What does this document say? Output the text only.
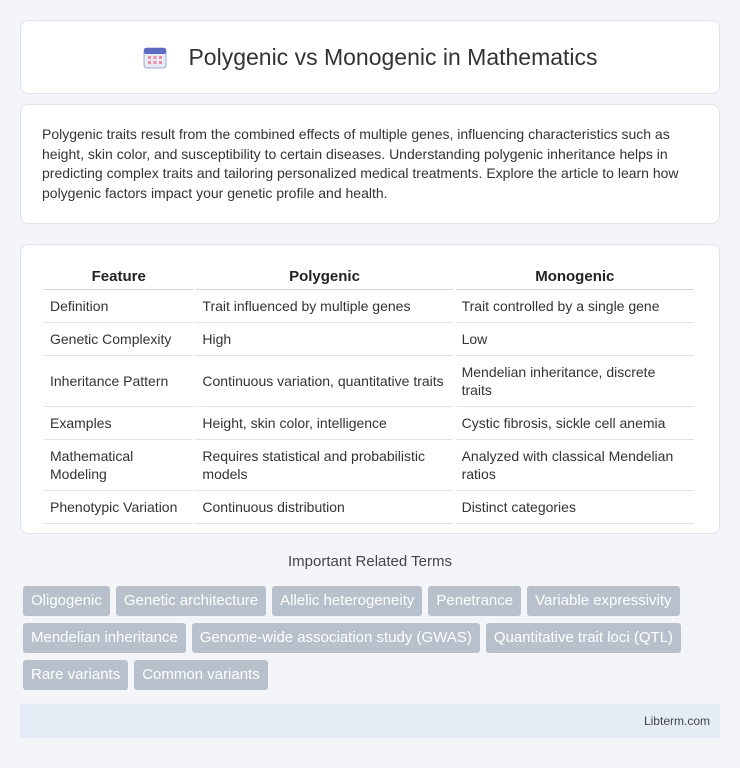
Polygenic vs Monogenic in Mathematics

Polygenic traits result from the combined effects of multiple genes, influencing characteristics such as height, skin color, and susceptibility to certain diseases. Understanding polygenic inheritance helps in predicting complex traits and tailoring personalized medical treatments. Explore the article to learn how polygenic factors impact your genetic profile and health.

Feature	Polygenic	Monogenic
Definition	Trait influenced by multiple genes	Trait controlled by a single gene
Genetic Complexity	High	Low
Inheritance Pattern	Continuous variation, quantitative traits	Mendelian inheritance, discrete traits
Examples	Height, skin color, intelligence	Cystic fibrosis, sickle cell anemia
Mathematical Modeling	Requires statistical and probabilistic models	Analyzed with classical Mendelian ratios
Phenotypic Variation	Continuous distribution	Distinct categories
Important Related Terms
Oligogenic	Genetic architecture	Allelic heterogeneity	Penetrance	Variable expressivity
Mendelian inheritance	Genome-wide association study (GWAS)	Quantitative trait loci (QTL)
Rare variants	Common variants
Libterm.com
